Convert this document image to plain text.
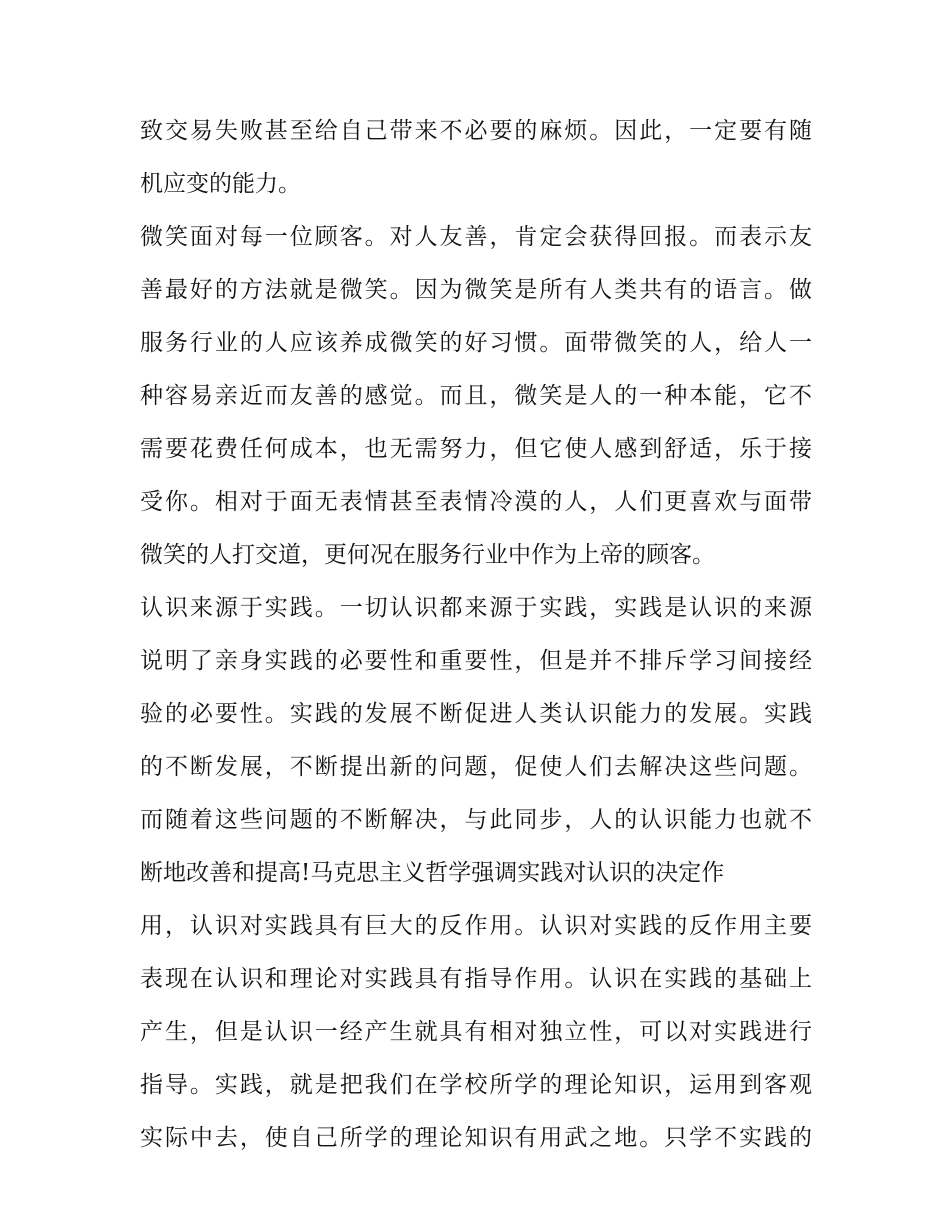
致交易失败甚至给自己带来不必要的麻烦。因此，一定要有随
机应变的能力。
微笑面对每一位顾客。对人友善，肯定会获得回报。而表示友
善最好的方法就是微笑。因为微笑是所有人类共有的语言。做
服务行业的人应该养成微笑的好习惯。面带微笑的人，给人一
种容易亲近而友善的感觉。而且，微笑是人的一种本能，它不
需要花费任何成本，也无需努力，但它使人感到舒适，乐于接
受你。相对于面无表情甚至表情冷漠的人，人们更喜欢与面带
微笑的人打交道，更何况在服务行业中作为上帝的顾客。
认识来源于实践。一切认识都来源于实践，实践是认识的来源
说明了亲身实践的必要性和重要性，但是并不排斥学习间接经
验的必要性。实践的发展不断促进人类认识能力的发展。实践
的不断发展，不断提出新的问题，促使人们去解决这些问题。
而随着这些问题的不断解决，与此同步，人的认识能力也就不
断地改善和提高!马克思主义哲学强调实践对认识的决定作
用，认识对实践具有巨大的反作用。认识对实践的反作用主要
表现在认识和理论对实践具有指导作用。认识在实践的基础上
产生，但是认识一经产生就具有相对独立性，可以对实践进行
指导。实践，就是把我们在学校所学的理论知识，运用到客观
实际中去，使自己所学的理论知识有用武之地。只学不实践的
